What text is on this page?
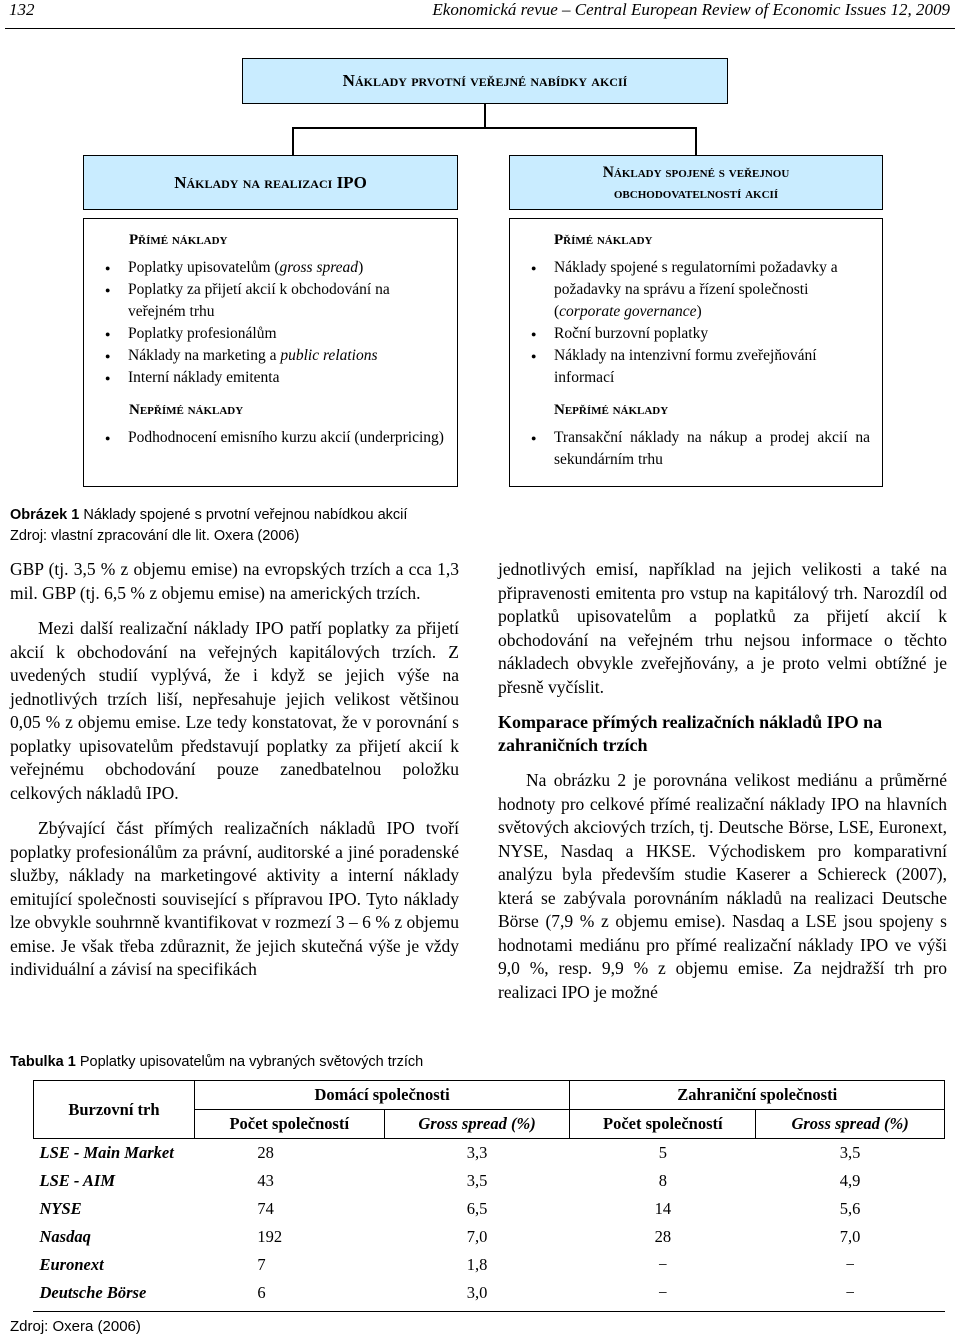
132	Ekonomická revue – Central European Review of Economic Issues 12, 2009
Náklady prvotní veřejné nabídky akcií
Náklady na realizaci IPO
Náklady spojené s veřejnou
obchodovatelností akcií
Přímé náklady
● Poplatky upisovatelům (gross spread)
● Poplatky za přijetí akcií k obchodování na veřejném trhu
● Poplatky profesionálům
● Náklady na marketing a public relations
● Interní náklady emitenta
Nepřímé náklady
● Podhodnocení emisního kurzu akcií (underpricing)
Přímé náklady
● Náklady spojené s regulatorními požadavky a požadavky na správu a řízení společnosti (corporate governance)
● Roční burzovní poplatky
● Náklady na intenzivní formu zveřejňování informací
Nepřímé náklady
● Transakční náklady na nákup a prodej akcií na sekundárním trhu
Obrázek 1 Náklady spojené s prvotní veřejnou nabídkou akcií
Zdroj: vlastní zpracování dle lit. Oxera (2006)

GBP (tj. 3,5 % z objemu emise) na evropských trzích a cca 1,3 mil. GBP (tj. 6,5 % z objemu emise) na amerických trzích.

Mezi další realizační náklady IPO patří poplatky za přijetí akcií k obchodování na veřejných kapitálových trzích. Z uvedených studií vyplývá, že i když se jejich výše na jednotlivých trzích liší, nepřesahuje jejich velikost většinou 0,05 % z objemu emise. Lze tedy konstatovat, že v porovnání s poplatky upisovatelům představují poplatky za přijetí akcií k veřejnému obchodování pouze zanedbatelnou položku celkových nákladů IPO.

Zbývající část přímých realizačních nákladů IPO tvoří poplatky profesionálům za právní, auditorské a jiné poradenské služby, náklady na marketingové aktivity a interní náklady emitující společnosti související s přípravou IPO. Tyto náklady lze obvykle souhrnně kvantifikovat v rozmezí 3 – 6 % z objemu emise. Je však třeba zdůraznit, že jejich skutečná výše je vždy individuální a závisí na specifikách

jednotlivých emisí, například na jejich velikosti a také na připravenosti emitenta pro vstup na kapitálový trh. Narozdíl od poplatků upisovatelům a poplatků za přijetí akcií k obchodování na veřejném trhu nejsou informace o těchto nákladech obvykle zveřejňovány, a je proto velmi obtížné je přesně vyčíslit.

Komparace přímých realizačních nákladů IPO na zahraničních trzích

Na obrázku 2 je porovnána velikost mediánu a průměrné hodnoty pro celkové přímé realizační náklady IPO na hlavních světových akciových trzích, tj. Deutsche Börse, LSE, Euronext, NYSE, Nasdaq a HKSE. Východiskem pro komparativní analýzu byla především studie Kaserer a Schiereck (2007), která se zabývala porovnáním nákladů na realizaci Deutsche Börse (7,9 % z objemu emise). Nasdaq a LSE jsou spojeny s hodnotami mediánu pro přímé realizační náklady IPO ve výši 9,0 %, resp. 9,9 % z objemu emise. Za nejdražší trh pro realizaci IPO je možné

Tabulka 1 Poplatky upisovatelům na vybraných světových trzích
Burzovní trh	Domácí společnosti		Zahraniční společnosti	
	Počet společností	Gross spread (%)	Počet společností	Gross spread (%)
LSE - Main Market	28	3,3	5	3,5
LSE - AIM	43	3,5	8	4,9
NYSE	74	6,5	14	5,6
Nasdaq	192	7,0	28	7,0
Euronext	7	1,8	−	−
Deutsche Börse	6	3,0	−	−
Zdroj: Oxera (2006)
